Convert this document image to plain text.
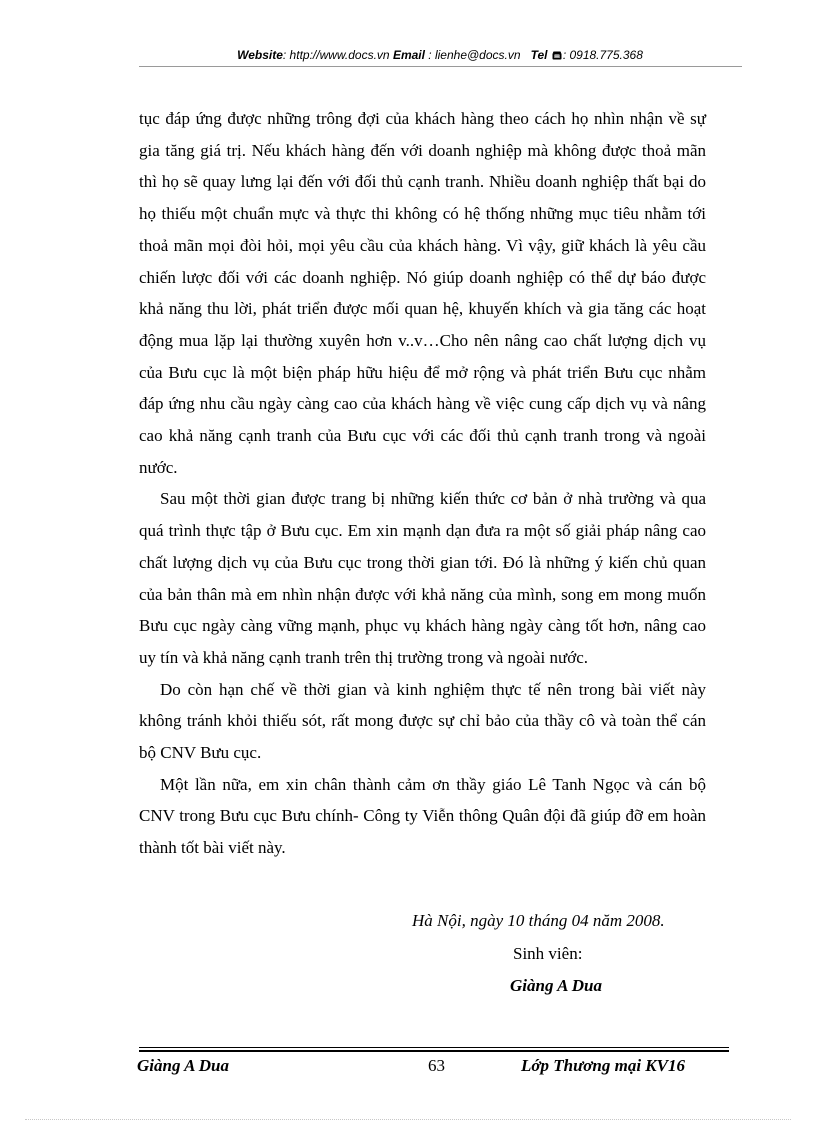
Website: http://www.docs.vn Email : lienhe@docs.vn Tel : 0918.775.368

tục đáp ứng được những trông đợi của khách hàng theo cách họ nhìn nhận về sự gia tăng giá trị. Nếu khách hàng đến với doanh nghiệp mà không được thoả mãn thì họ sẽ quay lưng lại đến với đối thủ cạnh tranh. Nhiều doanh nghiệp thất bại do họ thiếu một chuẩn mực và thực thi không có hệ thống những mục tiêu nhằm tới thoả mãn mọi đòi hỏi, mọi yêu cầu của khách hàng. Vì vậy, giữ khách là yêu cầu chiến lược đối với các doanh nghiệp. Nó giúp doanh nghiệp có thể dự báo được khả năng thu lời, phát triển được mối quan hệ, khuyến khích và gia tăng các hoạt động mua lặp lại thường xuyên hơn v..v…Cho nên nâng cao chất lượng dịch vụ của Bưu cục là một biện pháp hữu hiệu để mở rộng và phát triển Bưu cục nhằm đáp ứng nhu cầu ngày càng cao của khách hàng về việc cung cấp dịch vụ và nâng cao khả năng cạnh tranh của Bưu cục với các đối thủ cạnh tranh trong và ngoài nước.

Sau một thời gian được trang bị những kiến thức cơ bản ở nhà trường và qua quá trình thực tập ở Bưu cục. Em xin mạnh dạn đưa ra một số giải pháp nâng cao chất lượng dịch vụ của Bưu cục trong thời gian tới. Đó là những ý kiến chủ quan của bản thân mà em nhìn nhận được với khả năng của mình, song em mong muốn Bưu cục ngày càng vững mạnh, phục vụ khách hàng ngày càng tốt hơn, nâng cao uy tín và khả năng cạnh tranh trên thị trường trong và ngoài nước.

Do còn hạn chế về thời gian và kinh nghiệm thực tế nên trong bài viết này không tránh khỏi thiếu sót, rất mong được sự chỉ bảo của thầy cô và toàn thể cán bộ CNV Bưu cục.

Một lần nữa, em xin chân thành cảm ơn thầy giáo Lê Tanh Ngọc và cán bộ CNV trong Bưu cục Bưu chính- Công ty Viễn thông Quân đội đã giúp đỡ em hoàn thành tốt bài viết này.

Hà Nội, ngày 10 tháng 04 năm 2008.
Sinh viên:
Giàng A Dua
Giàng A Dua	63	Lớp Thương mại KV16
